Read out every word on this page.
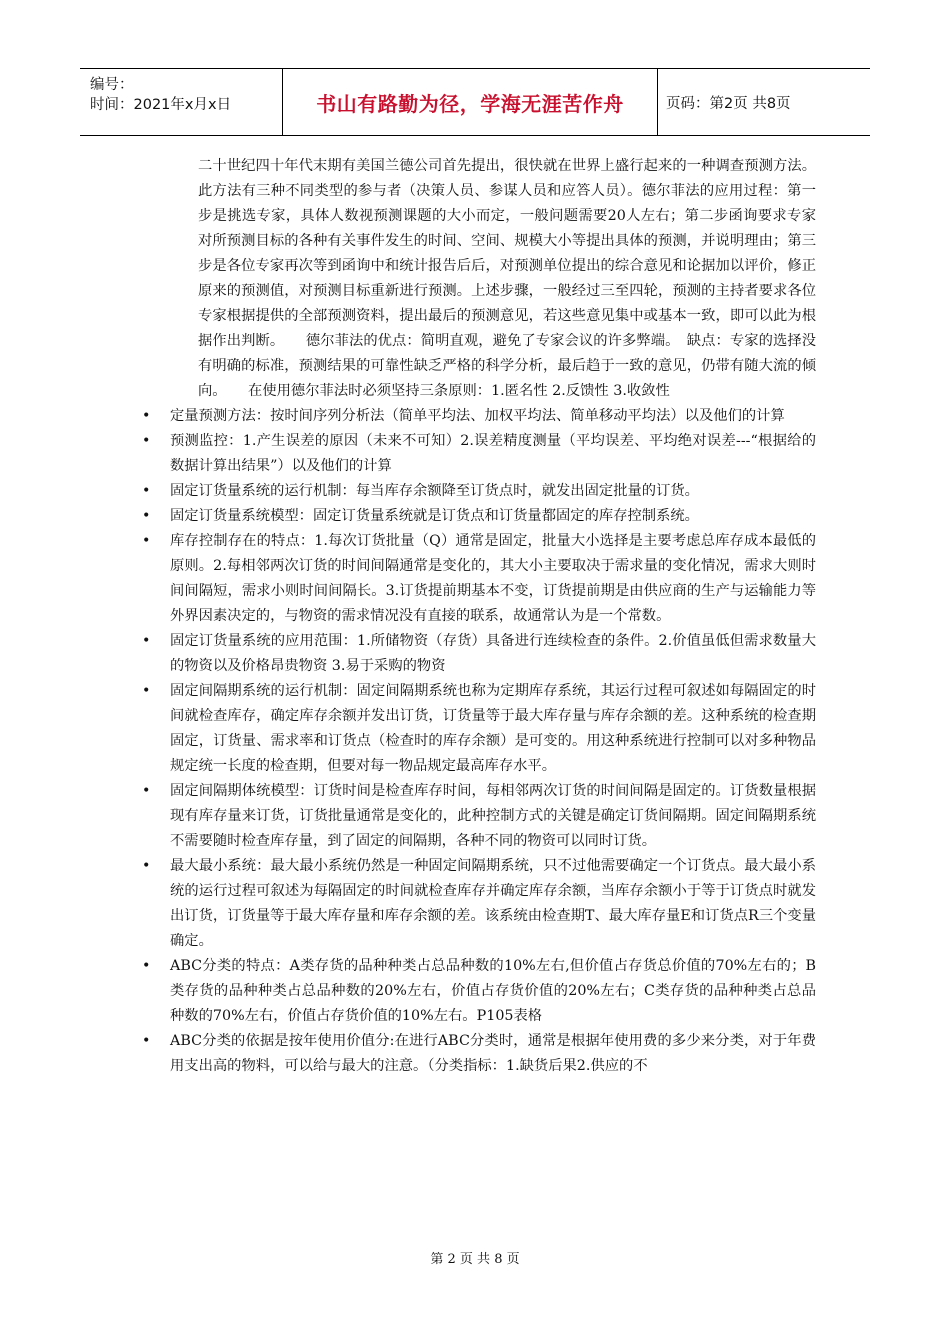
编号：
时间：2021年x月x日	书山有路勤为径，学海无涯苦作舟	页码：第2页 共8页

二十世纪四十年代末期有美国兰德公司首先提出，很快就在世界上盛行起来的一种调查预测方法。此方法有三种不同类型的参与者（决策人员、参谋人员和应答人员）。德尔菲法的应用过程：第一步是挑选专家，具体人数视预测课题的大小而定，一般问题需要20人左右；第二步函询要求专家对所预测目标的各种有关事件发生的时间、空间、规模大小等提出具体的预测，并说明理由；第三步是各位专家再次等到函询中和统计报告后后，对预测单位提出的综合意见和论据加以评价，修正原来的预测值，对预测目标重新进行预测。上述步骤，一般经过三至四轮，预测的主持者要求各位专家根据提供的全部预测资料，提出最后的预测意见，若这些意见集中或基本一致，即可以此为根据作出判断。　　德尔菲法的优点：简明直观，避免了专家会议的许多弊端。　缺点：专家的选择没有明确的标准，预测结果的可靠性缺乏严格的科学分析，最后趋于一致的意见，仍带有随大流的倾向。　　在使用德尔菲法时必须坚持三条原则：1.匿名性 2.反馈性 3.收敛性

• 定量预测方法：按时间序列分析法（简单平均法、加权平均法、简单移动平均法）以及他们的计算
• 预测监控：1.产生误差的原因（未来不可知）2.误差精度测量（平均误差、平均绝对误差---“根据给的数据计算出结果”）以及他们的计算
• 固定订货量系统的运行机制：每当库存余额降至订货点时，就发出固定批量的订货。
• 固定订货量系统模型：固定订货量系统就是订货点和订货量都固定的库存控制系统。
• 库存控制存在的特点：1.每次订货批量（Q）通常是固定，批量大小选择是主要考虑总库存成本最低的原则。2.每相邻两次订货的时间间隔通常是变化的，其大小主要取决于需求量的变化情况，需求大则时间间隔短，需求小则时间间隔长。3.订货提前期基本不变，订货提前期是由供应商的生产与运输能力等外界因素决定的，与物资的需求情况没有直接的联系，故通常认为是一个常数。
• 固定订货量系统的应用范围：1.所储物资（存货）具备进行连续检查的条件。2.价值虽低但需求数量大的物资以及价格昂贵物资 3.易于采购的物资
• 固定间隔期系统的运行机制：固定间隔期系统也称为定期库存系统，其运行过程可叙述如每隔固定的时间就检查库存，确定库存余额并发出订货，订货量等于最大库存量与库存余额的差。这种系统的检查期固定，订货量、需求率和订货点（检查时的库存余额）是可变的。用这种系统进行控制可以对多种物品规定统一长度的检查期，但要对每一物品规定最高库存水平。
• 固定间隔期体统模型：订货时间是检查库存时间，每相邻两次订货的时间间隔是固定的。订货数量根据现有库存量来订货，订货批量通常是变化的，此种控制方式的关键是确定订货间隔期。固定间隔期系统不需要随时检查库存量，到了固定的间隔期，各种不同的物资可以同时订货。
• 最大最小系统：最大最小系统仍然是一种固定间隔期系统，只不过他需要确定一个订货点。最大最小系统的运行过程可叙述为每隔固定的时间就检查库存并确定库存余额，当库存余额小于等于订货点时就发出订货，订货量等于最大库存量和库存余额的差。该系统由检查期T、最大库存量E和订货点R三个变量确定。
• ABC分类的特点：A类存货的品种种类占总品种数的10%左右,但价值占存货总价值的70%左右的；B类存货的品种种类占总品种数的20%左右，价值占存货价值的20%左右；C类存货的品种种类占总品种数的70%左右，价值占存货价值的10%左右。P105表格
• ABC分类的依据是按年使用价值分:在进行ABC分类时，通常是根据年使用费的多少来分类，对于年费用支出高的物料，可以给与最大的注意。（分类指标：1.缺货后果2.供应的不
第 2 页 共 8 页
